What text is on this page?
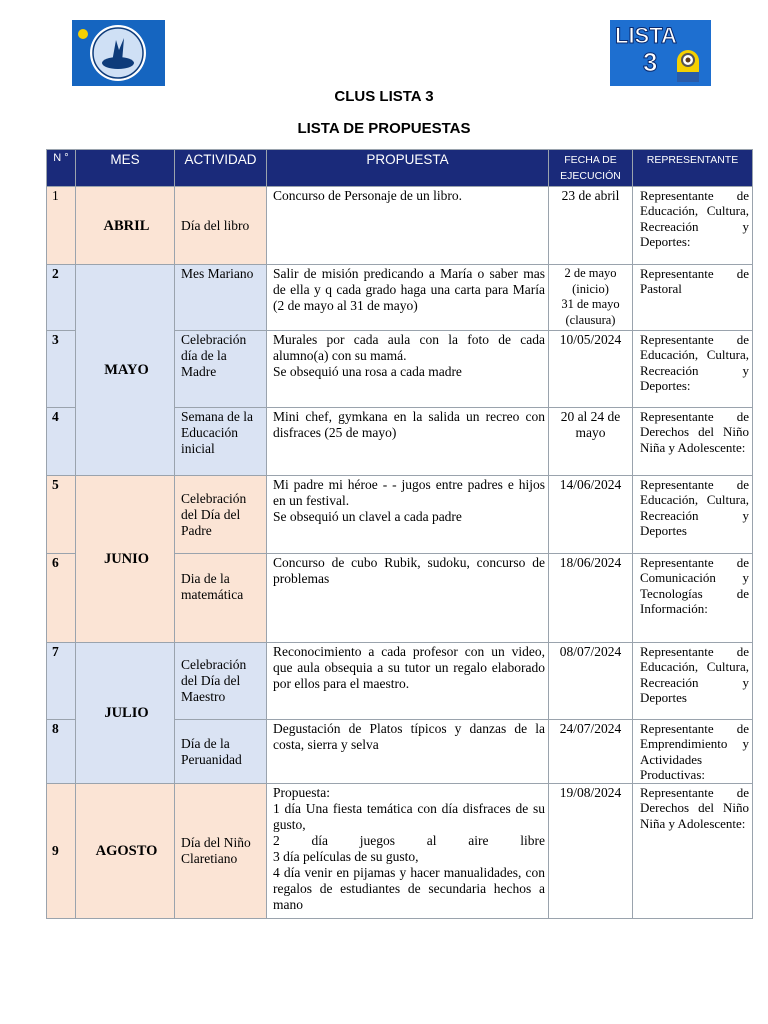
LISTA
3
CLUS LISTA 3
LISTA DE PROPUESTAS
N °	MES	ACTIVIDAD	PROPUESTA	FECHA DE EJECUCIÓN	REPRESENTANTE
1	ABRIL	Día del libro	Concurso de Personaje de un libro.	23 de abril	Representante de Educación, Cultura, Recreación y Deportes:
2	MAYO	Mes Mariano	Salir de misión predicando a María o saber mas de ella y q cada grado haga una carta para María (2 de mayo al 31 de mayo)	2 de mayo
(inicio)
31 de mayo
(clausura)	Representante de Pastoral
3		Celebración día de la Madre	Murales por cada aula con la foto de cada alumno(a) con su mamá.
Se obsequió una rosa a cada madre	10/05/2024	Representante de Educación, Cultura, Recreación y Deportes:
4		Semana de la Educación inicial	Mini chef, gymkana en la salida un recreo con disfraces (25 de mayo)	20 al 24 de mayo	Representante de Derechos del Niño Niña y Adolescente:
5	JUNIO	Celebración del Día del Padre	Mi padre mi héroe - - jugos entre padres e hijos en un festival.
Se obsequió un clavel a cada padre	14/06/2024	Representante de Educación, Cultura, Recreación y Deportes
6		Dia de la matemática	Concurso de cubo Rubik, sudoku, concurso de problemas	18/06/2024	Representante de Comunicación y Tecnologías de Información:
7	JULIO	Celebración del Día del Maestro	Reconocimiento a cada profesor con un video, que aula obsequia a su tutor un regalo elaborado por ellos para el maestro.	08/07/2024	Representante de Educación, Cultura, Recreación y Deportes
8		Día de la Peruanidad	Degustación de Platos típicos y danzas de la costa, sierra y selva	24/07/2024	Representante de Emprendimiento y Actividades Productivas:
9	AGOSTO	Día del Niño Claretiano	Propuesta:
1 día Una fiesta temática con día disfraces de su gusto,
2 día juegos al aire libre
3 día películas de su gusto,
4 día venir en pijamas y hacer manualidades, con regalos de estudiantes de secundaria hechos a mano	19/08/2024	Representante de Derechos del Niño Niña y Adolescente:
